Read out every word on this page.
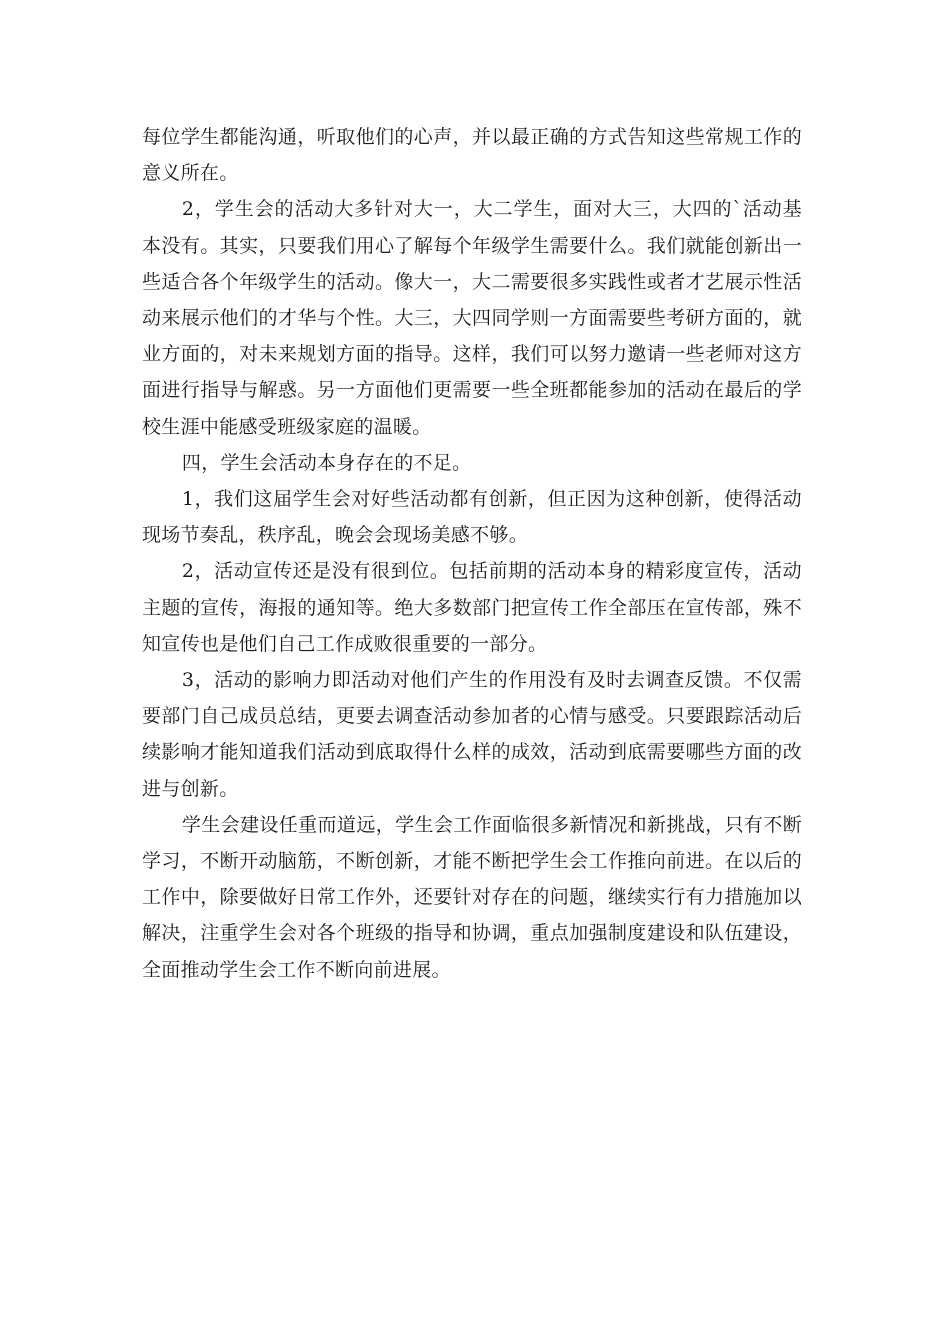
每位学生都能沟通，听取他们的心声，并以最正确的方式告知这些常规工作的意义所在。

2，学生会的活动大多针对大一，大二学生，面对大三，大四的`活动基本没有。其实，只要我们用心了解每个年级学生需要什么。我们就能创新出一些适合各个年级学生的活动。像大一，大二需要很多实践性或者才艺展示性活动来展示他们的才华与个性。大三，大四同学则一方面需要些考研方面的，就业方面的，对未来规划方面的指导。这样，我们可以努力邀请一些老师对这方面进行指导与解惑。另一方面他们更需要一些全班都能参加的活动在最后的学校生涯中能感受班级家庭的温暖。

四，学生会活动本身存在的不足。

1，我们这届学生会对好些活动都有创新，但正因为这种创新，使得活动现场节奏乱，秩序乱，晚会会现场美感不够。

2，活动宣传还是没有很到位。包括前期的活动本身的精彩度宣传，活动主题的宣传，海报的通知等。绝大多数部门把宣传工作全部压在宣传部，殊不知宣传也是他们自己工作成败很重要的一部分。

3，活动的影响力即活动对他们产生的作用没有及时去调查反馈。不仅需要部门自己成员总结，更要去调查活动参加者的心情与感受。只要跟踪活动后续影响才能知道我们活动到底取得什么样的成效，活动到底需要哪些方面的改进与创新。

学生会建设任重而道远，学生会工作面临很多新情况和新挑战，只有不断学习，不断开动脑筋，不断创新，才能不断把学生会工作推向前进。在以后的工作中，除要做好日常工作外，还要针对存在的问题，继续实行有力措施加以解决，注重学生会对各个班级的指导和协调，重点加强制度建设和队伍建设，全面推动学生会工作不断向前进展。
